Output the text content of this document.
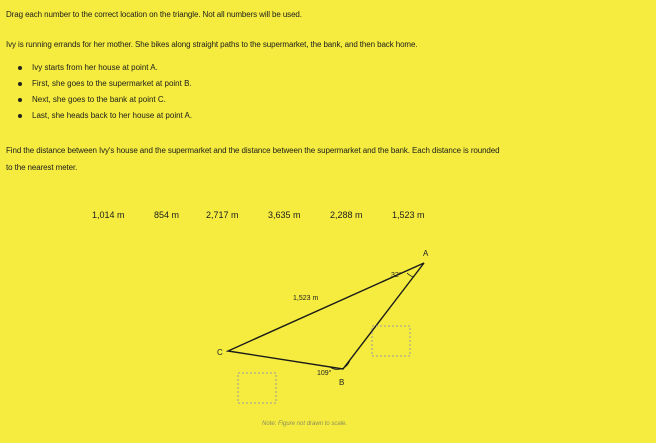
Drag each number to the correct location on the triangle. Not all numbers will be used.
Ivy is running errands for her mother. She bikes along straight paths to the supermarket, the bank, and then back home.
Ivy starts from her house at point A.
First, she goes to the supermarket at point B.
Next, she goes to the bank at point C.
Last, she heads back to her house at point A.
Find the distance between Ivy's house and the supermarket and the distance between the supermarket and the bank. Each distance is rounded
to the nearest meter.
1,014 m	854 m	2,717 m	3,635 m	2,288 m	1,523 m
A
B
C
1,523 m
32°
109°
Note: Figure not drawn to scale.
